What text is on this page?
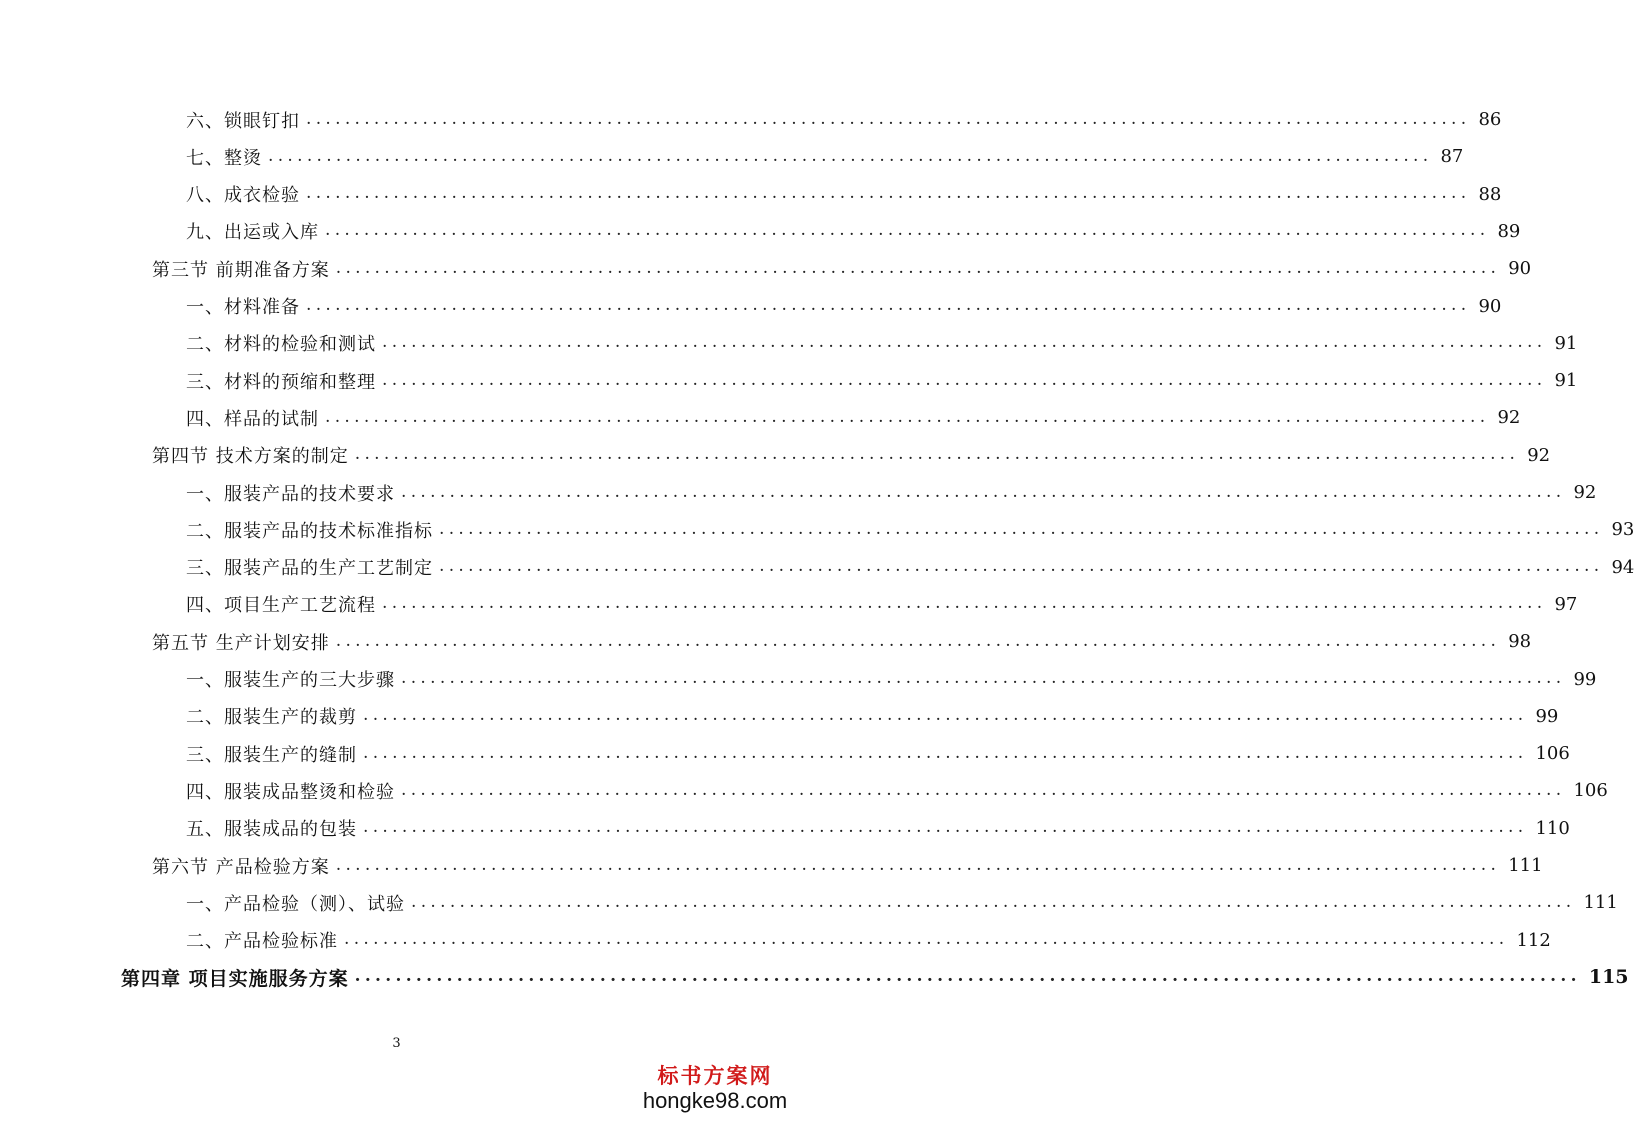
六、锁眼钉扣 ........................................................................................................................ 86
七、整烫 ........................................................................................................................ 87
八、成衣检验 ........................................................................................................................ 88
九、出运或入库 ........................................................................................................................ 89
第三节 前期准备方案 ........................................................................................................................ 90
一、材料准备 ........................................................................................................................ 90
二、材料的检验和测试 ........................................................................................................................ 91
三、材料的预缩和整理 ........................................................................................................................ 91
四、样品的试制 ........................................................................................................................ 92
第四节 技术方案的制定 ........................................................................................................................ 92
一、服装产品的技术要求 ........................................................................................................................ 92
二、服装产品的技术标准指标 ........................................................................................................................ 93
三、服装产品的生产工艺制定 ........................................................................................................................ 94
四、项目生产工艺流程 ........................................................................................................................ 97
第五节 生产计划安排 ........................................................................................................................ 98
一、服装生产的三大步骤 ........................................................................................................................ 99
二、服装生产的裁剪 ........................................................................................................................ 99
三、服装生产的缝制 ........................................................................................................................ 106
四、服装成品整烫和检验 ........................................................................................................................ 106
五、服装成品的包装 ........................................................................................................................ 110
第六节 产品检验方案 ........................................................................................................................ 111
一、产品检验（测）、试验 ........................................................................................................................ 111
二、产品检验标准 ........................................................................................................................ 112
第四章 项目实施服务方案 ........................................................................................................................ 115
3
标书方案网
hongke98.com
